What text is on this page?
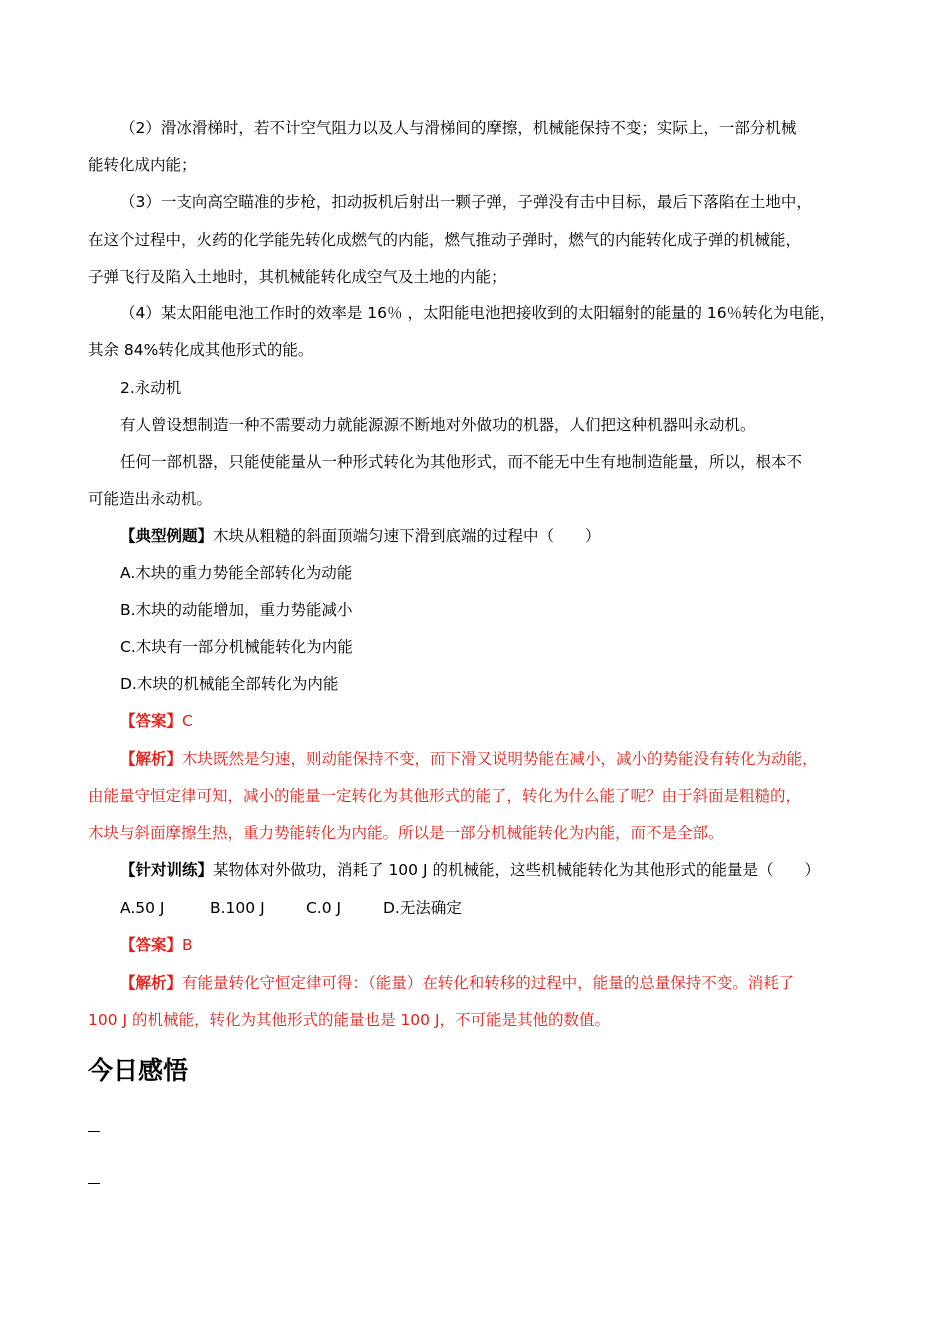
（2）滑冰滑梯时，若不计空气阻力以及人与滑梯间的摩擦，机械能保持不变；实际上，一部分机械
能转化成内能；
（3）一支向高空瞄准的步枪，扣动扳机后射出一颗子弹，子弹没有击中目标，最后下落陷在土地中，
在这个过程中，火药的化学能先转化成燃气的内能，燃气推动子弹时，燃气的内能转化成子弹的机械能，
子弹飞行及陷入土地时，其机械能转化成空气及土地的内能；
（4）某太阳能电池工作时的效率是 16％ ，太阳能电池把接收到的太阳辐射的能量的 16％转化为电能，
其余 84%转化成其他形式的能。
2.永动机
有人曾设想制造一种不需要动力就能源源不断地对外做功的机器，人们把这种机器叫永动机。
任何一部机器，只能使能量从一种形式转化为其他形式，而不能无中生有地制造能量，所以，根本不
可能造出永动机。
【典型例题】木块从粗糙的斜面顶端匀速下滑到底端的过程中（　　）
A.木块的重力势能全部转化为动能
B.木块的动能增加，重力势能减小
C.木块有一部分机械能转化为内能
D.木块的机械能全部转化为内能
【答案】C
【解析】木块既然是匀速，则动能保持不变，而下滑又说明势能在减小，减小的势能没有转化为动能，
由能量守恒定律可知，减小的能量一定转化为其他形式的能了，转化为什么能了呢？由于斜面是粗糙的，
木块与斜面摩擦生热，重力势能转化为内能。所以是一部分机械能转化为内能，而不是全部。
【针对训练】某物体对外做功，消耗了 100 J 的机械能，这些机械能转化为其他形式的能量是（　　）
A.50 J	B.100 J	C.0 J	D.无法确定
【答案】B
【解析】有能量转化守恒定律可得：（能量）在转化和转移的过程中，能量的总量保持不变。消耗了
100 J 的机械能，转化为其他形式的能量也是 100 J，不可能是其他的数值。
今日感悟
